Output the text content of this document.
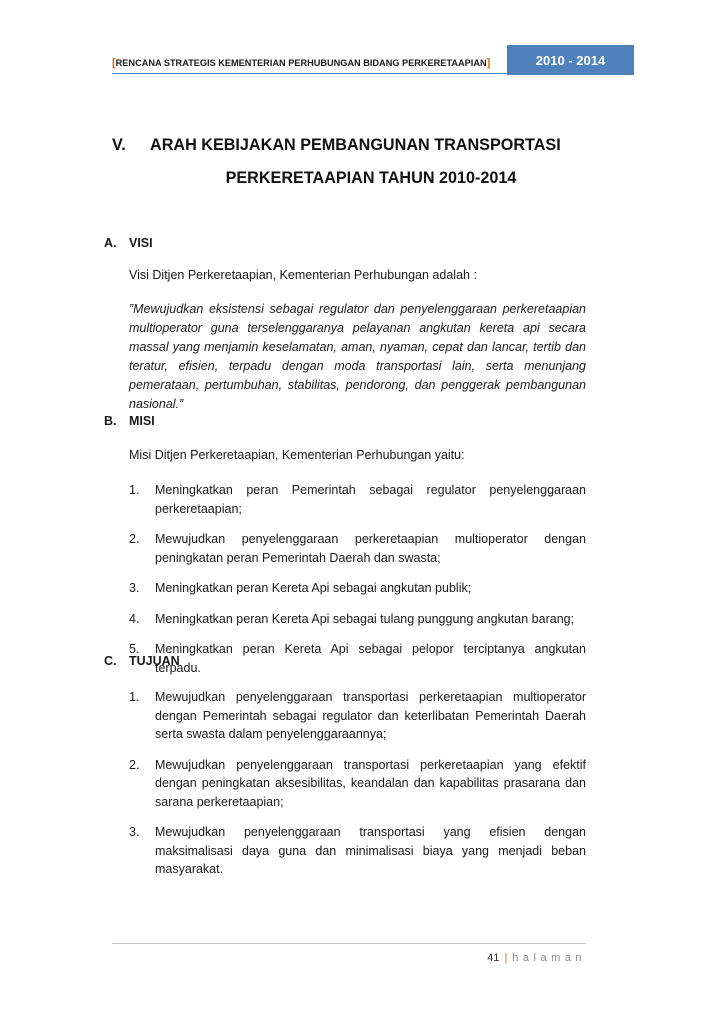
[RENCANA STRATEGIS KEMENTERIAN PERHUBUNGAN BIDANG PERKERETAAPIAN]	2010 - 2014
V.	ARAH KEBIJAKAN PEMBANGUNAN TRANSPORTASI
PERKERETAAPIAN TAHUN 2010-2014
A.	VISI
Visi Ditjen Perkeretaapian, Kementerian Perhubungan adalah :
”Mewujudkan eksistensi sebagai regulator dan penyelenggaraan perkeretaapian multioperator guna terselenggaranya pelayanan angkutan kereta api secara massal yang menjamin keselamatan, aman, nyaman, cepat dan lancar, tertib dan teratur, efisien, terpadu dengan moda transportasi lain, serta menunjang pemerataan, pertumbuhan, stabilitas, pendorong, dan penggerak pembangunan nasional.”
B.	MISI
Misi Ditjen Perkeretaapian, Kementerian Perhubungan yaitu:
1.	Meningkatkan peran Pemerintah sebagai regulator penyelenggaraan perkeretaapian;
2.	Mewujudkan penyelenggaraan perkeretaapian multioperator dengan peningkatan peran Pemerintah Daerah dan swasta;
3.	Meningkatkan peran Kereta Api sebagai angkutan publik;
4.	Meningkatkan peran Kereta Api sebagai tulang punggung angkutan barang;
5.	Meningkatkan peran Kereta Api sebagai pelopor terciptanya angkutan terpadu.
C.	TUJUAN
1.	Mewujudkan penyelenggaraan transportasi perkeretaapian multioperator dengan Pemerintah sebagai regulator dan keterlibatan Pemerintah Daerah serta swasta dalam penyelenggaraannya;
2.	Mewujudkan penyelenggaraan transportasi perkeretaapian yang efektif dengan peningkatan aksesibilitas, keandalan dan kapabilitas prasarana dan sarana perkeretaapian;
3.	Mewujudkan penyelenggaraan transportasi yang efisien dengan maksimalisasi daya guna dan minimalisasi biaya yang menjadi beban masyarakat.
41 | halaman
